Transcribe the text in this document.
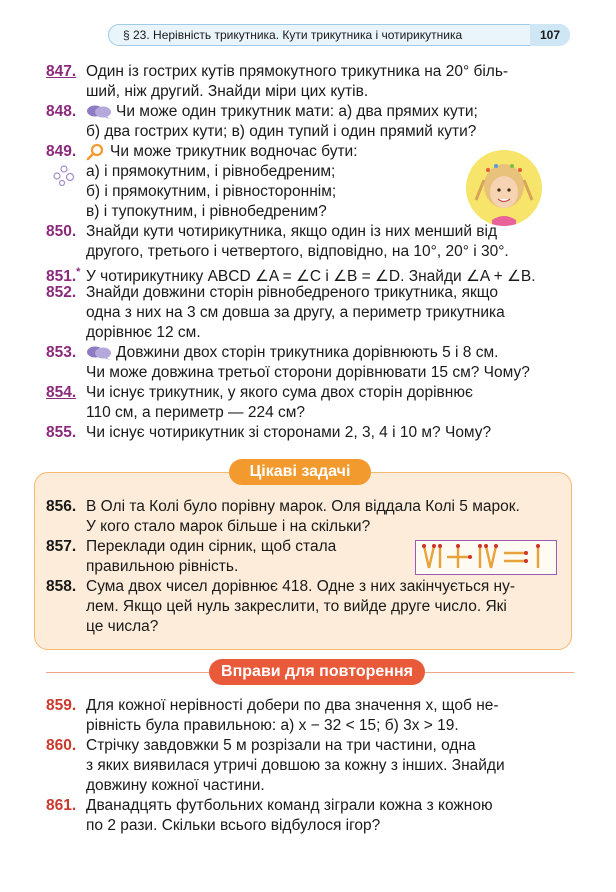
§ 23. Нерівність трикутника. Кути трикутника і чотирикутника	107
847. Один із гострих кутів прямокутного трикутника на 20° біль-
ший, ніж другий. Знайди міри цих кутів.
848.	Чи може один трикутник мати: а) два прямих кути;
б) два гострих кути; в) один тупий і один прямий кути?
849. Чи може трикутник водночас бути:
а) і прямокутним, і рівнобедреним;
б) і прямокутним, і рівностороннім;
в) і тупокутним, і рівнобедреним?
850. Знайди кути чотирикутника, якщо один із них менший від
другого, третього і четвертого, відповідно, на 10°, 20° і 30°.
851.* У чотирикутнику ABCD ∠A = ∠C і ∠B = ∠D. Знайди ∠A + ∠B.
852. Знайди довжини сторін рівнобедреного трикутника, якщо
одна з них на 3 см довша за другу, а периметр трикутника
дорівнює 12 см.
853.	Довжини двох сторін трикутника дорівнюють 5 і 8 см.
Чи може довжина третьої сторони дорівнювати 15 см? Чому?
854. Чи існує трикутник, у якого сума двох сторін дорівнює
110 см, а периметр — 224 см?
855. Чи існує чотирикутник зі сторонами 2, 3, 4 і 10 м? Чому?
Цікаві задачі
856. В Олі та Колі було порівну марок. Оля віддала Колі 5 марок.
У кого стало марок більше і на скільки?
857. Переклади один сірник, щоб стала
правильною рівність.
858. Сума двох чисел дорівнює 418. Одне з них закінчується ну-
лем. Якщо цей нуль закреслити, то вийде друге число. Які
це числа?
Вправи для повторення
859. Для кожної нерівності добери по два значення x, щоб не-
рівність була правильною: а) x − 32 < 15; б) 3x > 19.
860. Стрічку завдовжки 5 м розрізали на три частини, одна
з яких виявилася утричі довшою за кожну з інших. Знайди
довжину кожної частини.
861. Дванадцять футбольних команд зіграли кожна з кожною
по 2 рази. Скільки всього відбулося ігор?
